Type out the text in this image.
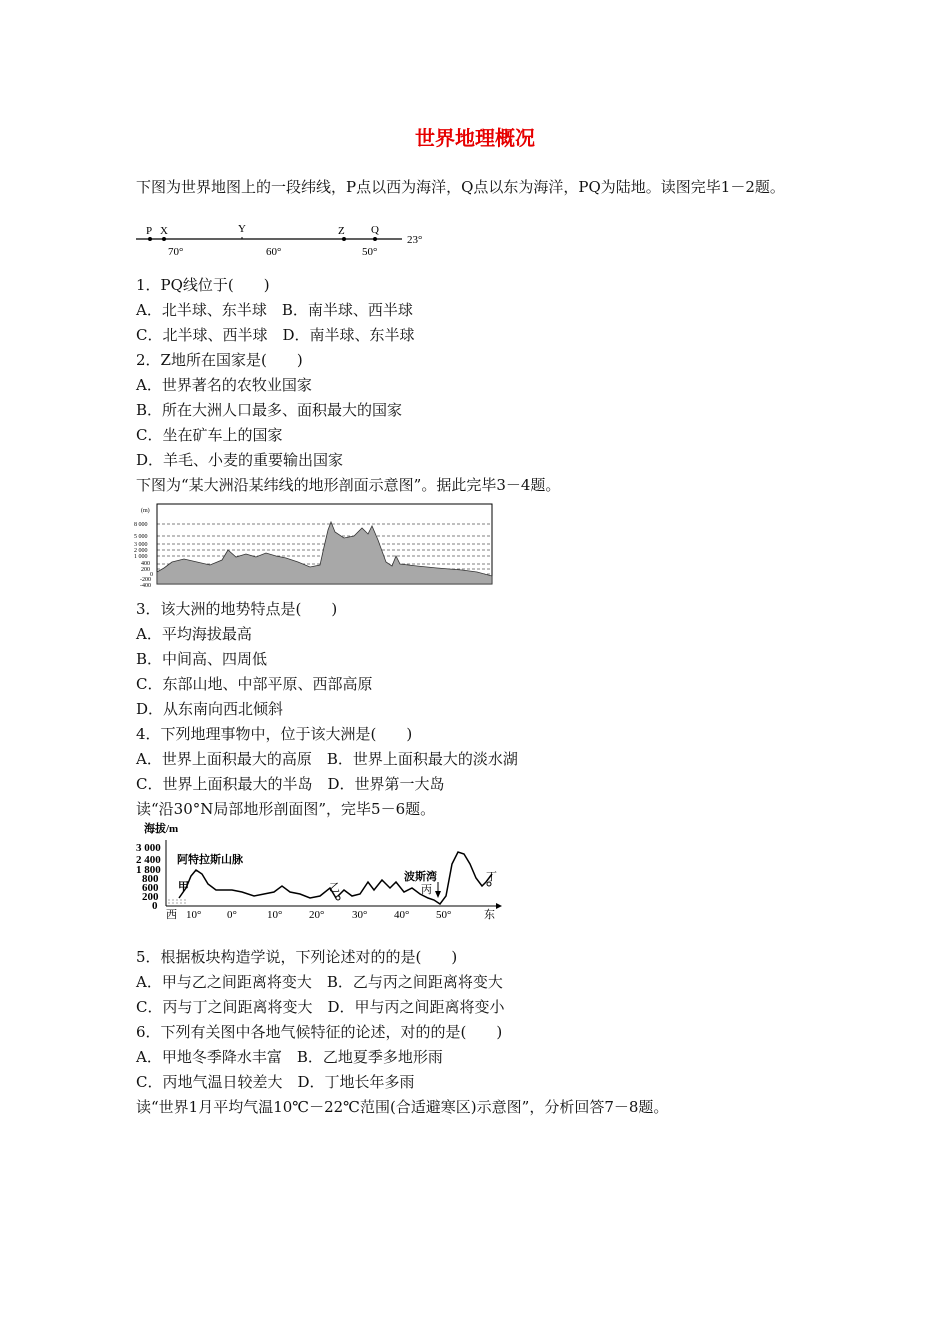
世界地理概况
下图为世界地图上的一段纬线，P点以西为海洋，Q点以东为海洋，PQ为陆地。读图完毕1－2题。
P X	Y	Z Q
23°
70°	60°	50°
1．PQ线位于(　　)
A．北半球、东半球　B．南半球、西半球
C．北半球、西半球　D．南半球、东半球
2．Z地所在国家是(　　)
A．世界著名的农牧业国家
B．所在大洲人口最多、面积最大的国家
C．坐在矿车上的国家
D．羊毛、小麦的重要输出国家
下图为“某大洲沿某纬线的地形剖面示意图”。据此完毕3－4题。
(m)
8 000
5 000
3 000
2 000
1 000
400
200
0
-200
-400
3．该大洲的地势特点是(　　)
A．平均海拔最高
B．中间高、四周低
C．东部山地、中部平原、西部高原
D．从东南向西北倾斜
4．下列地理事物中，位于该大洲是(　　)
A．世界上面积最大的高原　B．世界上面积最大的淡水湖
C．世界上面积最大的半岛　D．世界第一大岛
读“沿30°N局部地形剖面图”，完毕5－6题。
海拔/m
3 000
2 400
1 800
800
600
200
0
阿特拉斯山脉
甲	乙
波斯湾
丙
丁
西 10° 0°	10° 20°	30° 40° 50°	东
5．根据板块构造学说，下列论述对的的是(　　)
A．甲与乙之间距离将变大　B．乙与丙之间距离将变大
C．丙与丁之间距离将变大　D．甲与丙之间距离将变小
6．下列有关图中各地气候特征的论述，对的的是(　　)
A．甲地冬季降水丰富　B．乙地夏季多地形雨
C．丙地气温日较差大　D．丁地长年多雨
读“世界1月平均气温10℃－22℃范围(合适避寒区)示意图”，分析回答7－8题。
